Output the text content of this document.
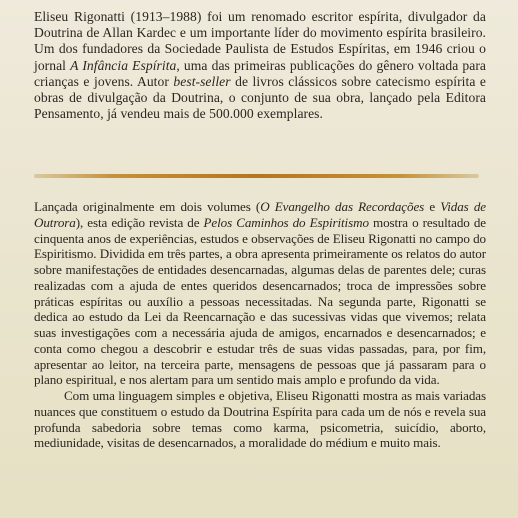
Eliseu Rigonatti (1913–1988) foi um renomado escritor espírita, divulgador da Doutrina de Allan Kardec e um importante líder do movimento espírita brasileiro. Um dos fundadores da Sociedade Paulista de Estudos Espíritas, em 1946 criou o jornal A Infância Espírita, uma das primeiras publicações do gênero voltada para crianças e jovens. Autor best-seller de livros clássicos sobre catecismo espírita e obras de divulgação da Doutrina, o conjunto de sua obra, lançado pela Editora Pensamento, já vendeu mais de 500.000 exemplares.

Lançada originalmente em dois volumes (O Evangelho das Recordações e Vidas de Outrora), esta edição revista de Pelos Caminhos do Espiritismo mostra o resultado de cinquenta anos de experiências, estudos e observações de Eliseu Rigonatti no campo do Espiritismo. Dividida em três partes, a obra apresenta primeiramente os relatos do autor sobre manifestações de entidades desencarnadas, algumas delas de parentes dele; curas realizadas com a ajuda de entes queridos desencarnados; troca de impressões sobre práticas espíritas ou auxílio a pessoas necessitadas. Na segunda parte, Rigonatti se dedica ao estudo da Lei da Reencarnação e das sucessivas vidas que vivemos; relata suas investigações com a necessária ajuda de amigos, encarnados e desencarnados; e conta como chegou a descobrir e estudar três de suas vidas passadas, para, por fim, apresentar ao leitor, na terceira parte, mensagens de pessoas que já passaram para o plano espiritual, e nos alertam para um sentido mais amplo e profundo da vida.

Com uma linguagem simples e objetiva, Eliseu Rigonatti mostra as mais variadas nuances que constituem o estudo da Doutrina Espírita para cada um de nós e revela sua profunda sabedoria sobre temas como karma, psicometria, suicídio, aborto, mediunidade, visitas de desencarnados, a moralidade do médium e muito mais.
